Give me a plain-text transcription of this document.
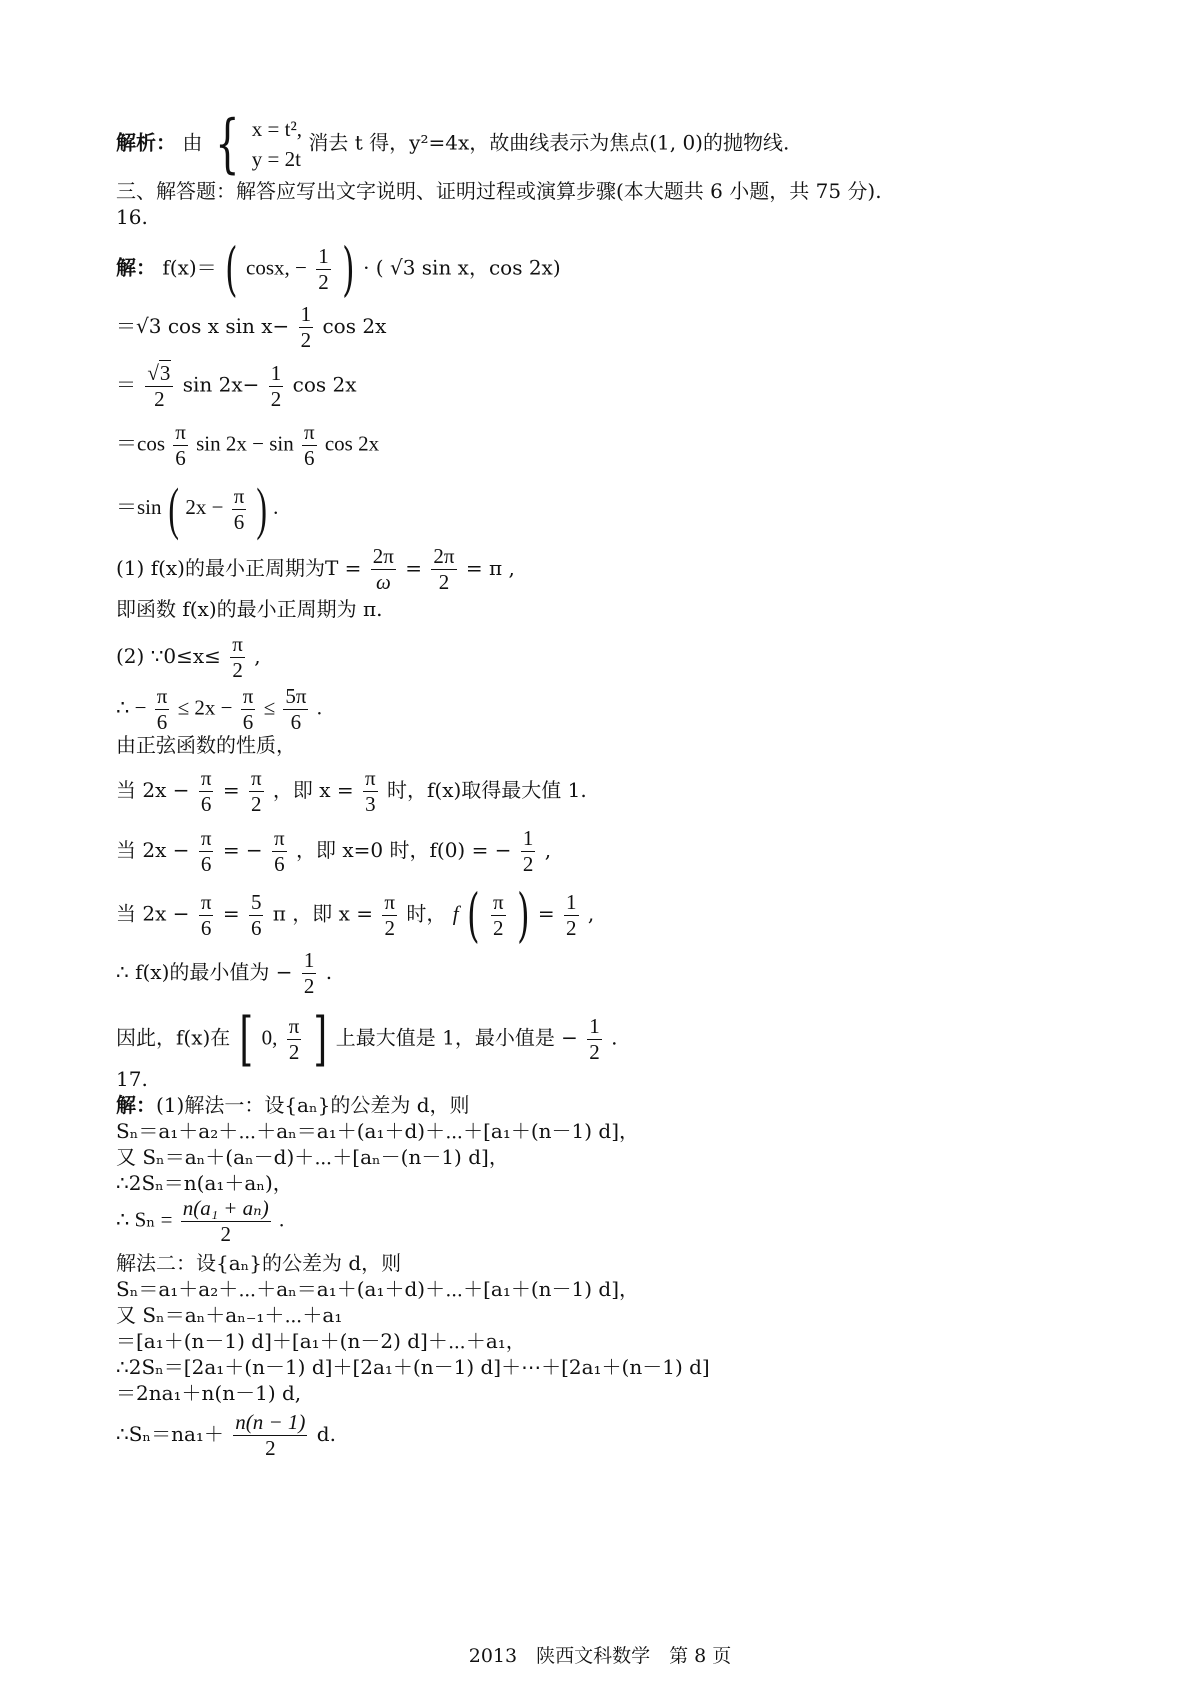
解析： 由 { x = t²,
y = 2t
消去 t 得，y²=4x，故曲线表示为焦点(1, 0)的抛物线.
三、解答题：解答应写出文字说明、证明过程或演算步骤(本大题共 6 小题，共 75 分).
16.
解： f(x)＝ ( cosx, − $\frac{1}{2}$ ) · ( √3 sin x，cos 2x)
＝√3 cos x $\sin x- \frac{1}{2}$ cos 2x
＝ $\frac{√3}{2}$ $\sin 2x- \frac{1}{2}$ cos 2x
$=\cos \frac{\pi}{6}$ $\sin 2x - \sin \frac{\pi}{6}$ cos 2x
＝sin ( $2x - \frac{\pi}{6}$ ) .
(1) f(x)的最小正周期为$T = \frac{2\pi}{\omega} = \frac{2\pi}{2} = \pi$ ,
即函数 f(x)的最小正周期为 π.
(2) ∵0≤x≤ $\frac{\pi}{2}$ ,
∴ − $\frac{\pi}{6} \le 2x - \frac{\pi}{6} \le \frac{5\pi}{6}$ .
由正弦函数的性质，
当 $2x - \frac{\pi}{6} = \frac{\pi}{2}$ ，即 $x = \frac{\pi}{3}$ 时，f(x)取得最大值 1.
当 $2x - \frac{\pi}{6}$ = − $\frac{\pi}{6}$ ，即 x=0 时，f(0) = − $\frac{1}{2}$ ,
当 $2x - \frac{\pi}{6} = \frac{5}{6}$ π ，即 $x = \frac{\pi}{2}$ 时， f ( $\frac{\pi}{2}$ ) = $\frac{1}{2}$ ,
∴ f(x)的最小值为 − $\frac{1}{2}$ .
因此，f(x)在 [ 0, $\frac{\pi}{2}$ ] 上最大值是 1，最小值是 − $\frac{1}{2}$ .
17.
解：(1)解法一：设{aₙ}的公差为 d，则
Sₙ＝a₁＋a₂＋⋯＋aₙ＝a₁＋(a₁＋d)＋⋯＋[a₁＋(n－1) d]，
又 Sₙ＝aₙ＋(aₙ－d)＋⋯＋[aₙ－(n－1) d]，
∴2Sₙ＝n(a₁＋aₙ)，
∴ $S_n = \frac{\text{n(a₁ + aₙ)}}{2}$ .
解法二：设{aₙ}的公差为 d，则
Sₙ＝a₁＋a₂＋⋯＋aₙ＝a₁＋(a₁＋d)＋⋯＋[a₁＋(n－1) d]，
又 Sₙ＝aₙ＋aₙ₋₁＋⋯＋a₁
＝[a₁＋(n－1) d]＋[a₁＋(n－2) d]＋⋯＋a₁，
∴2Sₙ＝[2a₁＋(n－1) d]＋[2a₁＋(n－1) d]＋⋯＋[2a₁＋(n－1) d]
＝2na₁＋n(n－1) d,
∴Sₙ＝na₁＋ $\frac{n(n - 1)}{2} d$.
2013　陕西文科数学　第 8 页
